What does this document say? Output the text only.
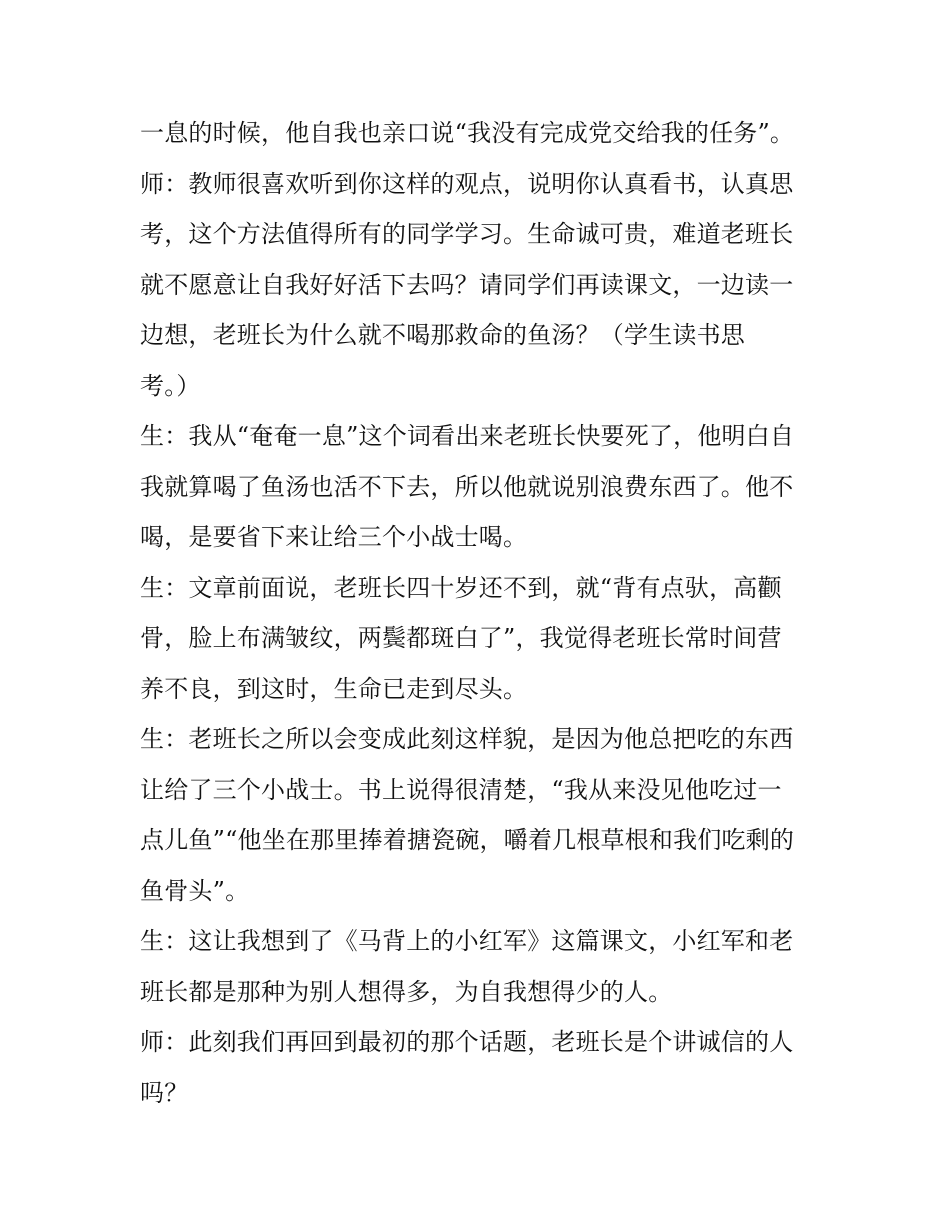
一息的时候，他自我也亲口说“我没有完成党交给我的任务”。

师：教师很喜欢听到你这样的观点，说明你认真看书，认真思
考，这个方法值得所有的同学学习。生命诚可贵，难道老班长
就不愿意让自我好好活下去吗？请同学们再读课文，一边读一
边想，老班长为什么就不喝那救命的鱼汤？（学生读书思
考。）

生：我从“奄奄一息”这个词看出来老班长快要死了，他明白自
我就算喝了鱼汤也活不下去，所以他就说别浪费东西了。他不
喝，是要省下来让给三个小战士喝。

生：文章前面说，老班长四十岁还不到，就“背有点驮，高颧
骨，脸上布满皱纹，两鬓都斑白了”，我觉得老班长常时间营
养不良，到这时，生命已走到尽头。

生：老班长之所以会变成此刻这样貌，是因为他总把吃的东西
让给了三个小战士。书上说得很清楚，“我从来没见他吃过一
点儿鱼”“他坐在那里捧着搪瓷碗，嚼着几根草根和我们吃剩的
鱼骨头”。

生：这让我想到了《马背上的小红军》这篇课文，小红军和老
班长都是那种为别人想得多，为自我想得少的人。

师：此刻我们再回到最初的那个话题，老班长是个讲诚信的人
吗？
